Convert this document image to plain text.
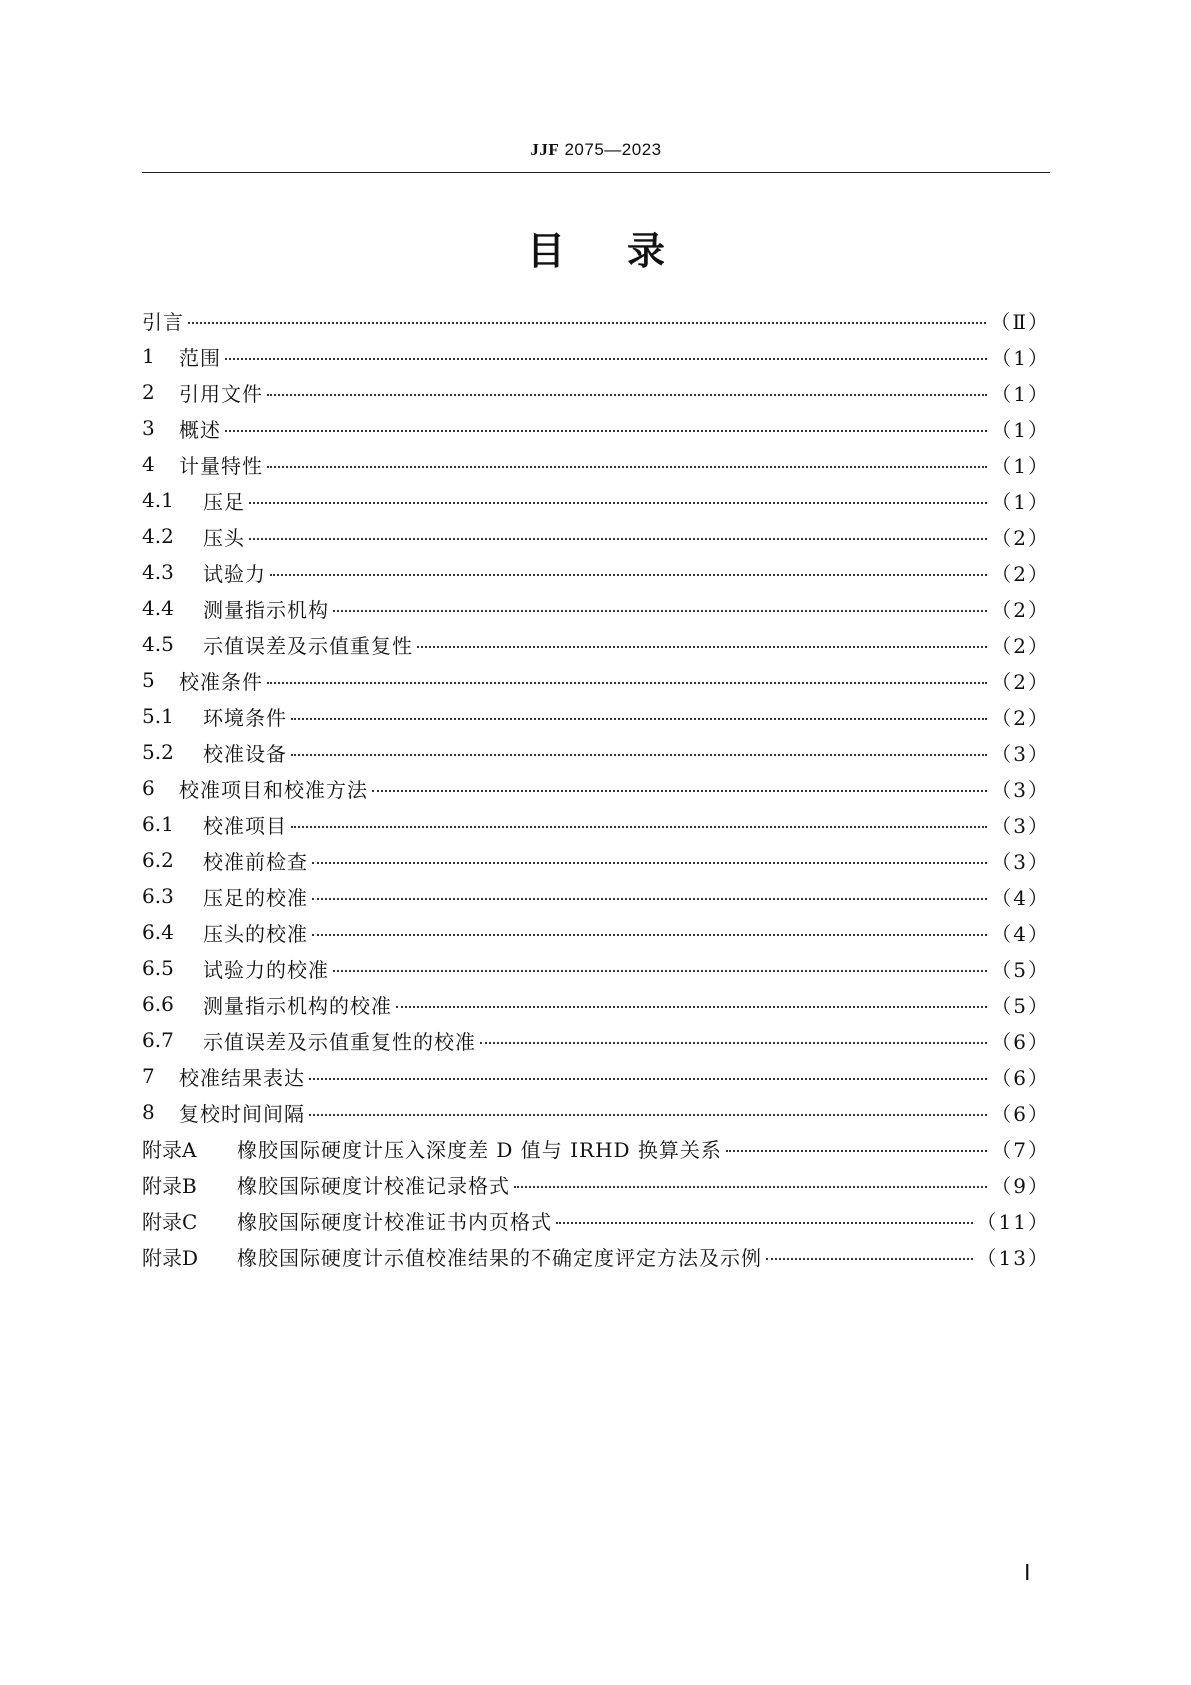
JJF 2075—2023
目录
引言	（Ⅱ）
1	范围	（1）
2	引用文件	（1）
3	概述	（1）
4	计量特性	（1）
4.1	压足	（1）
4.2	压头	（2）
4.3	试验力	（2）
4.4	测量指示机构	（2）
4.5	示值误差及示值重复性	（2）
5	校准条件	（2）
5.1	环境条件	（2）
5.2	校准设备	（3）
6	校准项目和校准方法	（3）
6.1	校准项目	（3）
6.2	校准前检查	（3）
6.3	压足的校准	（4）
6.4	压头的校准	（4）
6.5	试验力的校准	（5）
6.6	测量指示机构的校准	（5）
6.7	示值误差及示值重复性的校准	（6）
7	校准结果表达	（6）
8	复校时间间隔	（6）
附录A	橡胶国际硬度计压入深度差 D 值与 IRHD 换算关系	（7）
附录B	橡胶国际硬度计校准记录格式	（9）
附录C	橡胶国际硬度计校准证书内页格式	（11）
附录D	橡胶国际硬度计示值校准结果的不确定度评定方法及示例	（13）
Ⅰ
